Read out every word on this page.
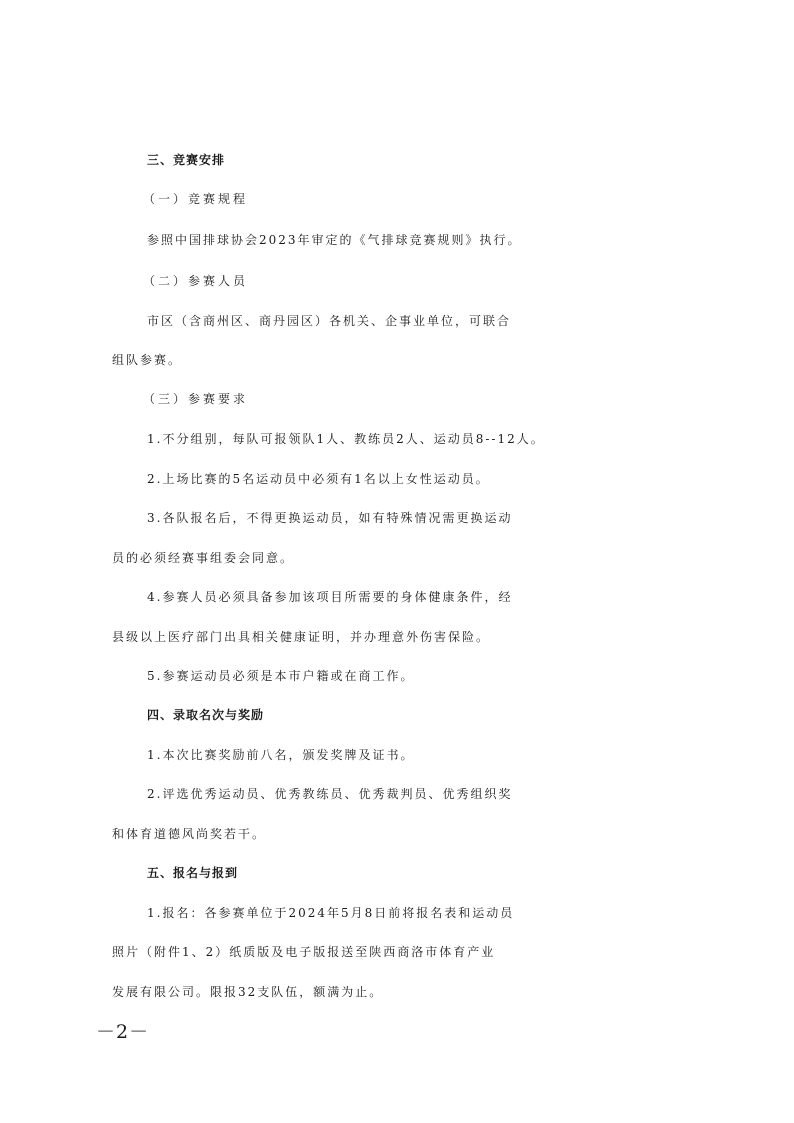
三、竞赛安排
（一）竞赛规程
参照中国排球协会2023年审定的《气排球竞赛规则》执行。
（二）参赛人员
市区（含商州区、商丹园区）各机关、企事业单位，可联合
组队参赛。
（三）参赛要求
1.不分组别，每队可报领队1人、教练员2人、运动员8--12人。
2.上场比赛的5名运动员中必须有1名以上女性运动员。
3.各队报名后，不得更换运动员，如有特殊情况需更换运动
员的必须经赛事组委会同意。
4.参赛人员必须具备参加该项目所需要的身体健康条件，经
县级以上医疗部门出具相关健康证明，并办理意外伤害保险。
5.参赛运动员必须是本市户籍或在商工作。
四、录取名次与奖励
1.本次比赛奖励前八名，颁发奖牌及证书。
2.评选优秀运动员、优秀教练员、优秀裁判员、优秀组织奖
和体育道德风尚奖若干。
五、报名与报到
1.报名：各参赛单位于2024年5月8日前将报名表和运动员
照片（附件1、2）纸质版及电子版报送至陕西商洛市体育产业
发展有限公司。限报32支队伍，额满为止。
－2－
